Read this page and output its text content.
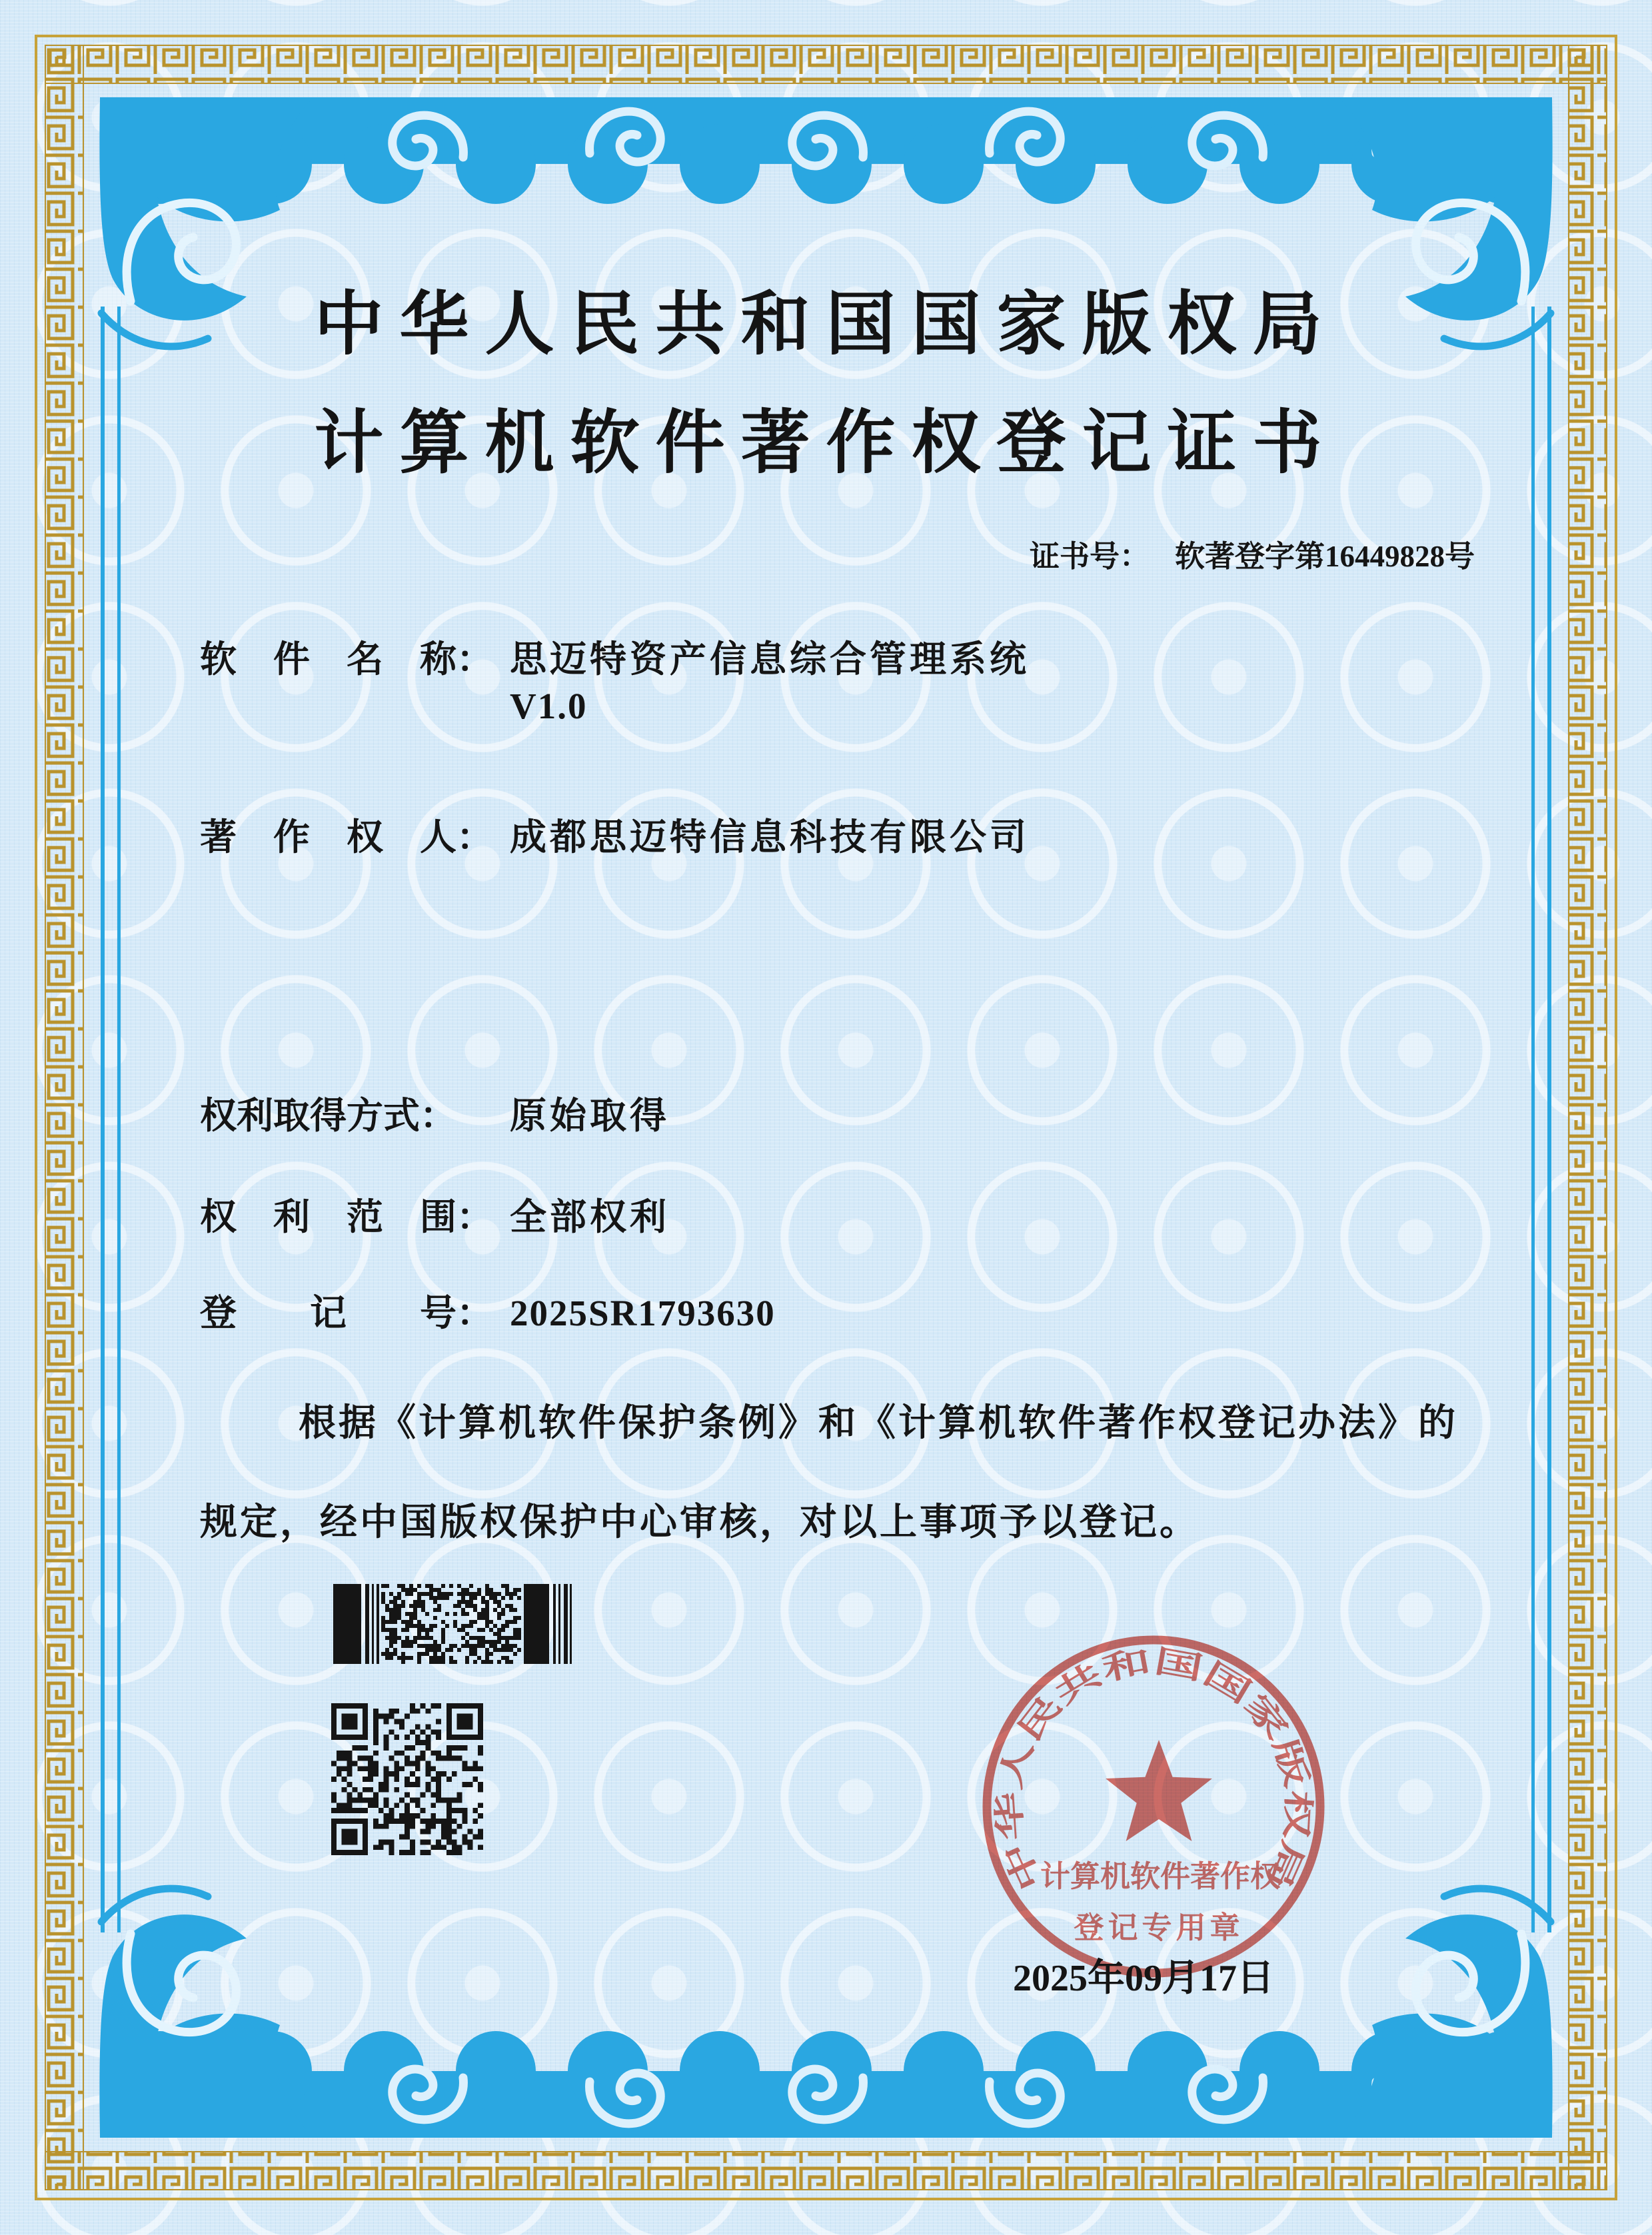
中华人民共和国国家版权局
计算机软件著作权登记证书
证书号： 软著登字第16449828号
软　件　名　称： 思迈特资产信息综合管理系统
V1.0
著　作　权　人： 成都思迈特信息科技有限公司
权利取得方式： 原始取得
权　利　范　围： 全部权利
登　　记　　号： 2025SR1793630
根据《计算机软件保护条例》和《计算机软件著作权登记办法》的
规定，经中国版权保护中心审核，对以上事项予以登记。
中华人民共和国国家版权局
计算机软件著作权
登记专用章
2025年09月17日
